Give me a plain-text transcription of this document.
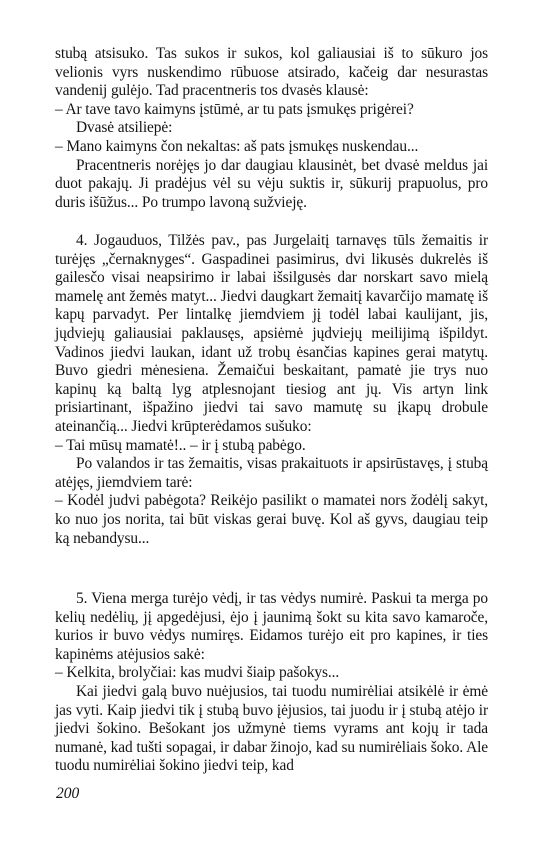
stubą atsisuko. Tas sukos ir sukos, kol galiausiai iš to sūkuro jos velionis vyrs nuskendimo rūbuose atsirado, kačeig dar nesurastas vandenij gulėjo. Tad pracentneris tos dvasės klausė:

– Ar tave tavo kaimyns įstūmė, ar tu pats įsmukęs prigėrei?

Dvasė atsiliepė:

– Mano kaimyns čon nekaltas: aš pats įsmukęs nuskendau...

Pracentneris norėjęs jo dar daugiau klausinėt, bet dvasė meldus jai duot pakajų. Ji pradėjus vėl su vėju suktis ir, sūkurij prapuolus, pro duris išūžus... Po trumpo lavoną sužvieję.

4. Jogauduos, Tilžės pav., pas Jurgelaitį tarnavęs tūls žemaitis ir turėjęs „černaknyges“. Gaspadinei pasimirus, dvi likusės dukrelės iš gailesčo visai neapsirimo ir labai išsilgusės dar norskart savo mielą mamelę ant žemės matyt... Jiedvi daugkart žemaitį kavarčijo mamatę iš kapų parvadyt. Per lintalkę jiemdviem jį todėl labai kaulijant, jis, jųdviejų galiausiai paklausęs, apsiėmė jųdviejų meilijimą išpildyt. Vadinos jiedvi laukan, idant už trobų ėsančias kapines gerai matytų. Buvo giedri mėnesiena. Žemaičui beskaitant, pamatė jie trys nuo kapinų ką baltą lyg atplesnojant tiesiog ant jų. Vis artyn link prisiartinant, išpažino jiedvi tai savo mamutę su įkapų drobule ateinančią... Jiedvi krūpterėdamos sušuko:

– Tai mūsų mamatė!.. – ir į stubą pabėgo.

Po valandos ir tas žemaitis, visas prakaituots ir apsirūstavęs, į stubą atėjęs, jiemdviem tarė:

– Kodėl judvi pabėgota? Reikėjo pasilikt o mamatei nors žodėlį sakyt, ko nuo jos norita, tai būt viskas gerai buvę. Kol aš gyvs, daugiau teip ką nebandysu...

5. Viena merga turėjo vėdį, ir tas vėdys numirė. Paskui ta merga po kelių nedėlių, jį apgedėjusi, ėjo į jaunimą šokt su kita savo kamaroče, kurios ir buvo vėdys numiręs. Eidamos turėjo eit pro kapines, ir ties kapinėms atėjusios sakė:

– Kelkita, brolyčiai: kas mudvi šiaip pašokys...

Kai jiedvi galą buvo nuėjusios, tai tuodu numirėliai atsikėlė ir ėmė jas vyti. Kaip jiedvi tik į stubą buvo įėjusios, tai juodu ir į stubą atėjo ir jiedvi šokino. Bešokant jos užmynė tiems vyrams ant kojų ir tada numanė, kad tušti sopagai, ir dabar žinojo, kad su numirėliais šoko. Ale tuodu numirėliai šokino jiedvi teip, kad

200
